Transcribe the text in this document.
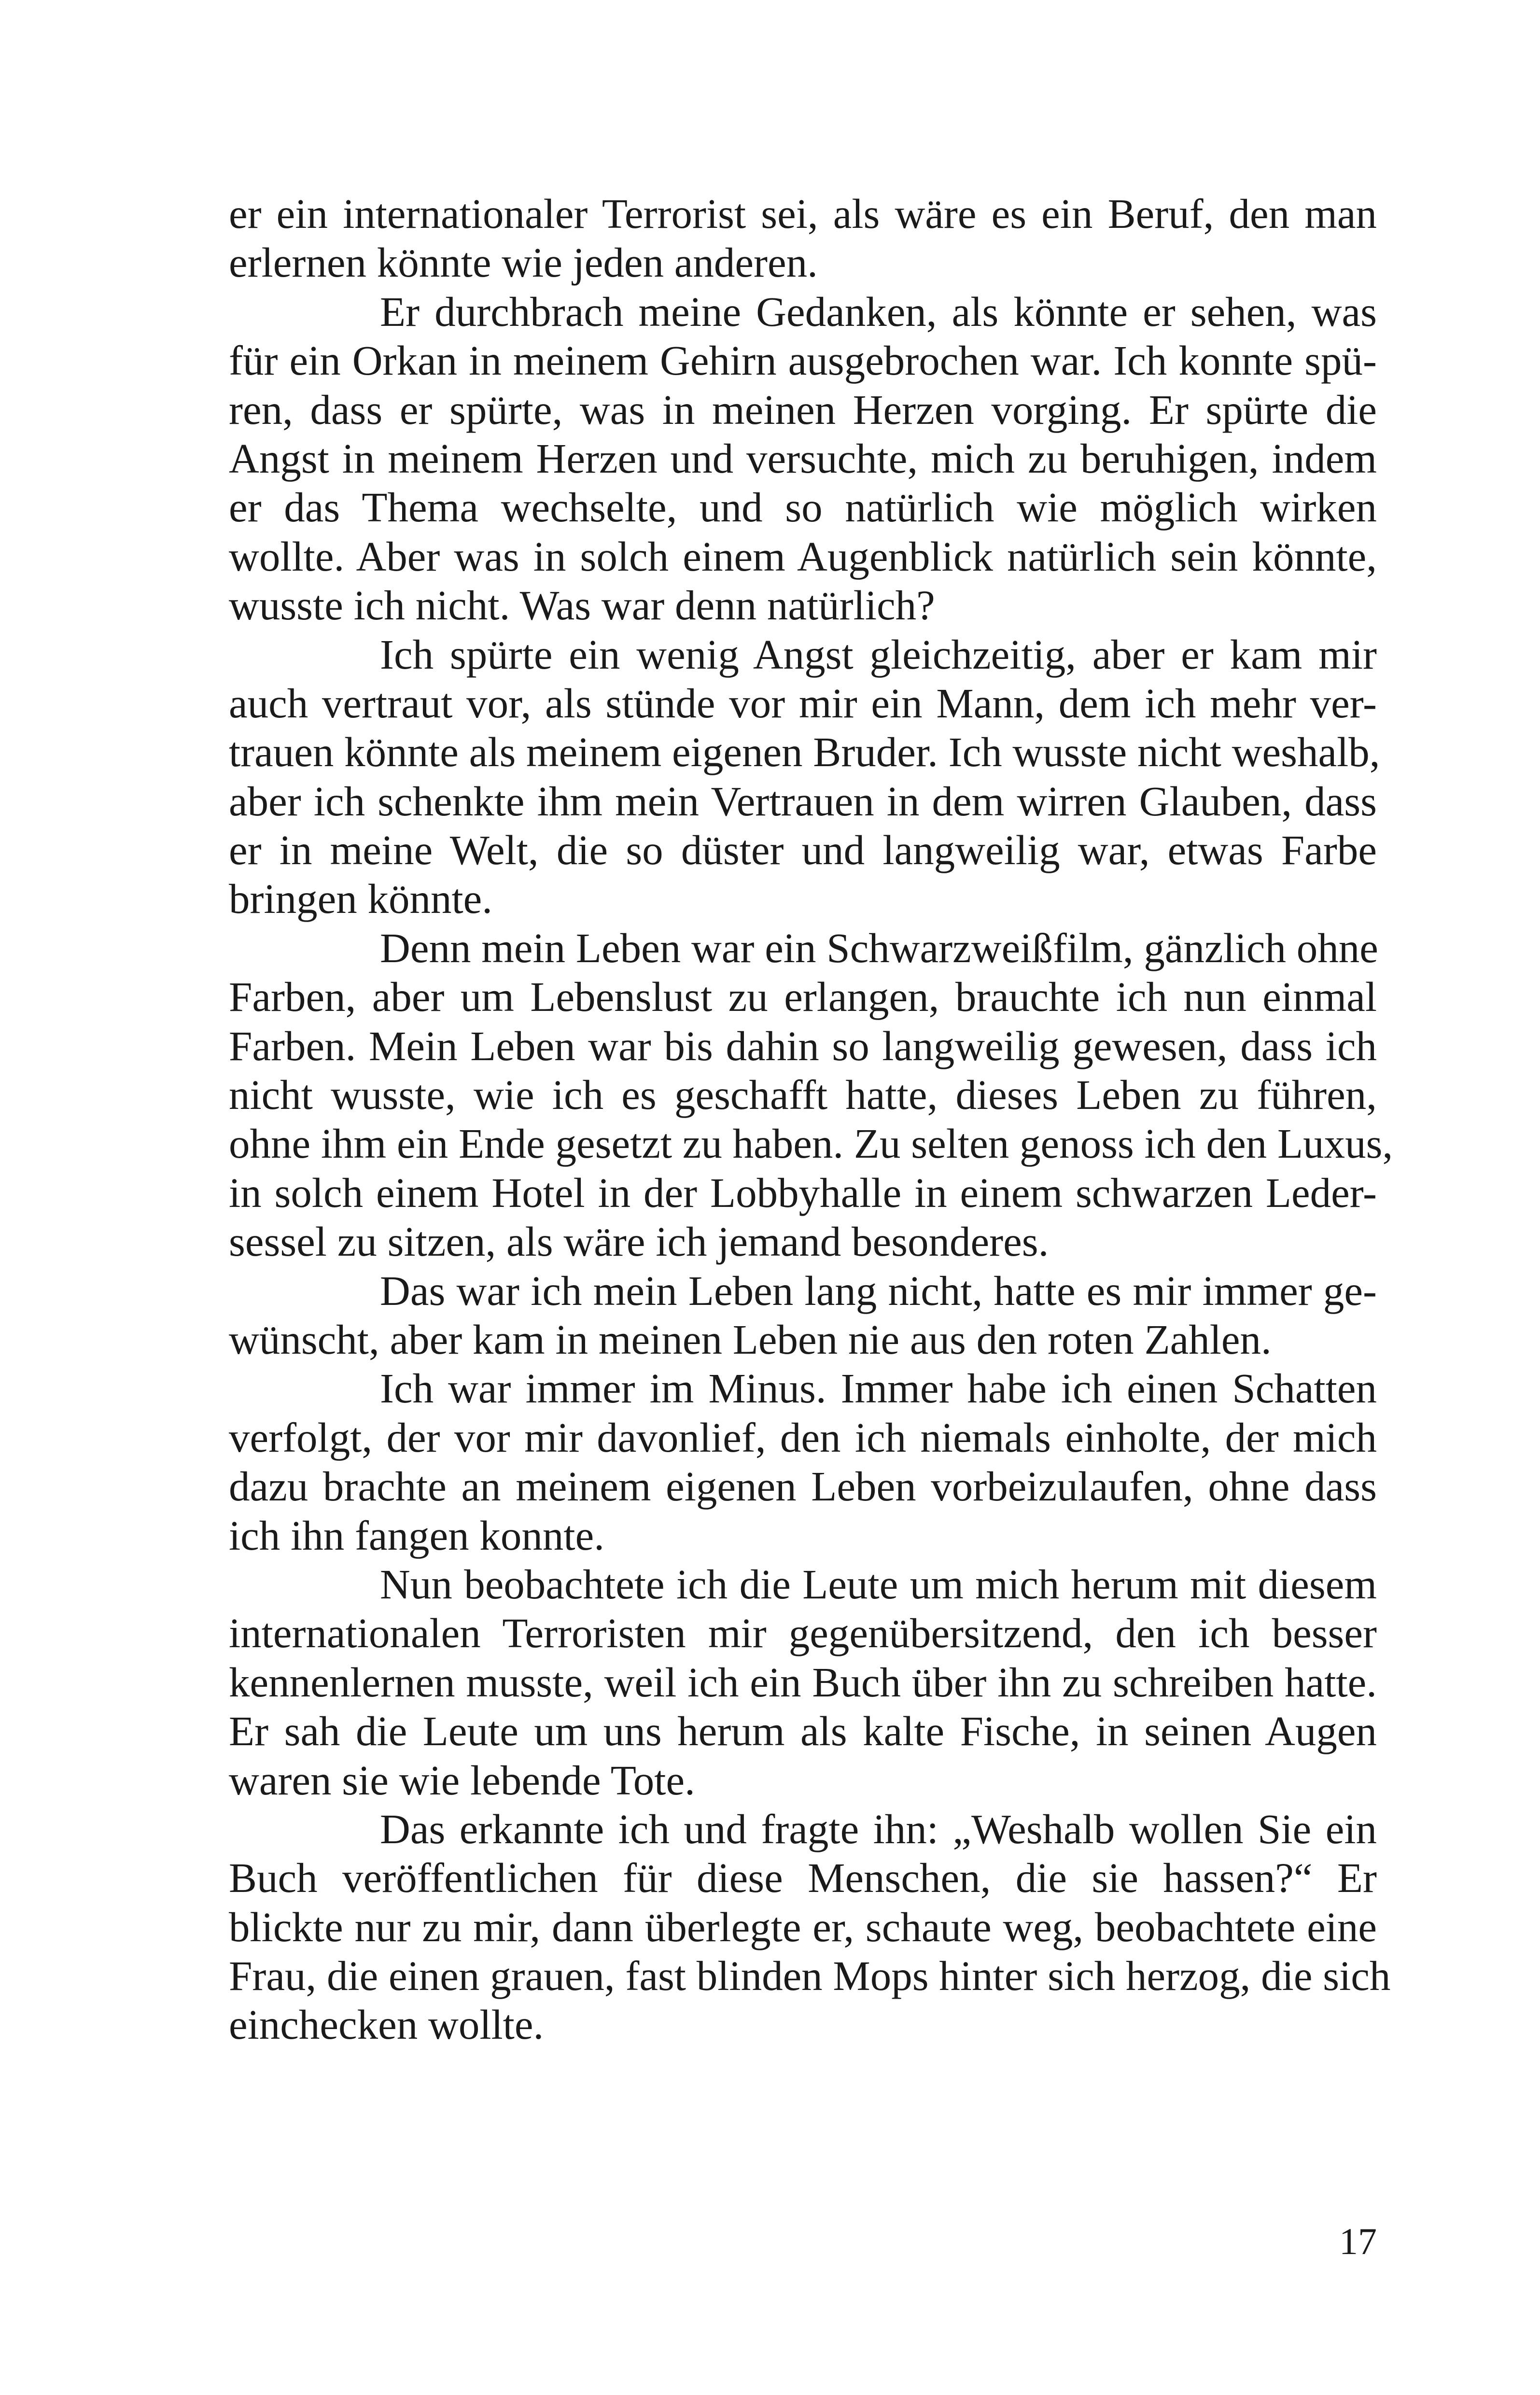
er ein internationaler Terrorist sei, als wäre es ein Beruf, den man
erlernen könnte wie jeden anderen.
Er durchbrach meine Gedanken, als könnte er sehen, was
für ein Orkan in meinem Gehirn ausgebrochen war. Ich konnte spü-
ren, dass er spürte, was in meinen Herzen vorging. Er spürte die
Angst in meinem Herzen und versuchte, mich zu beruhigen, indem
er das Thema wechselte, und so natürlich wie möglich wirken
wollte. Aber was in solch einem Augenblick natürlich sein könnte,
wusste ich nicht. Was war denn natürlich?
Ich spürte ein wenig Angst gleichzeitig, aber er kam mir
auch vertraut vor, als stünde vor mir ein Mann, dem ich mehr ver-
trauen könnte als meinem eigenen Bruder. Ich wusste nicht weshalb,
aber ich schenkte ihm mein Vertrauen in dem wirren Glauben, dass
er in meine Welt, die so düster und langweilig war, etwas Farbe
bringen könnte.
Denn mein Leben war ein Schwarzweißfilm, gänzlich ohne
Farben, aber um Lebenslust zu erlangen, brauchte ich nun einmal
Farben. Mein Leben war bis dahin so langweilig gewesen, dass ich
nicht wusste, wie ich es geschafft hatte, dieses Leben zu führen,
ohne ihm ein Ende gesetzt zu haben. Zu selten genoss ich den Luxus,
in solch einem Hotel in der Lobbyhalle in einem schwarzen Leder-
sessel zu sitzen, als wäre ich jemand besonderes.
Das war ich mein Leben lang nicht, hatte es mir immer ge-
wünscht, aber kam in meinen Leben nie aus den roten Zahlen.
Ich war immer im Minus. Immer habe ich einen Schatten
verfolgt, der vor mir davonlief, den ich niemals einholte, der mich
dazu brachte an meinem eigenen Leben vorbeizulaufen, ohne dass
ich ihn fangen konnte.
Nun beobachtete ich die Leute um mich herum mit diesem
internationalen Terroristen mir gegenübersitzend, den ich besser
kennenlernen musste, weil ich ein Buch über ihn zu schreiben hatte.
Er sah die Leute um uns herum als kalte Fische, in seinen Augen
waren sie wie lebende Tote.
Das erkannte ich und fragte ihn: „Weshalb wollen Sie ein
Buch veröffentlichen für diese Menschen, die sie hassen?“ Er
blickte nur zu mir, dann überlegte er, schaute weg, beobachtete eine
Frau, die einen grauen, fast blinden Mops hinter sich herzog, die sich
einchecken wollte.
17
